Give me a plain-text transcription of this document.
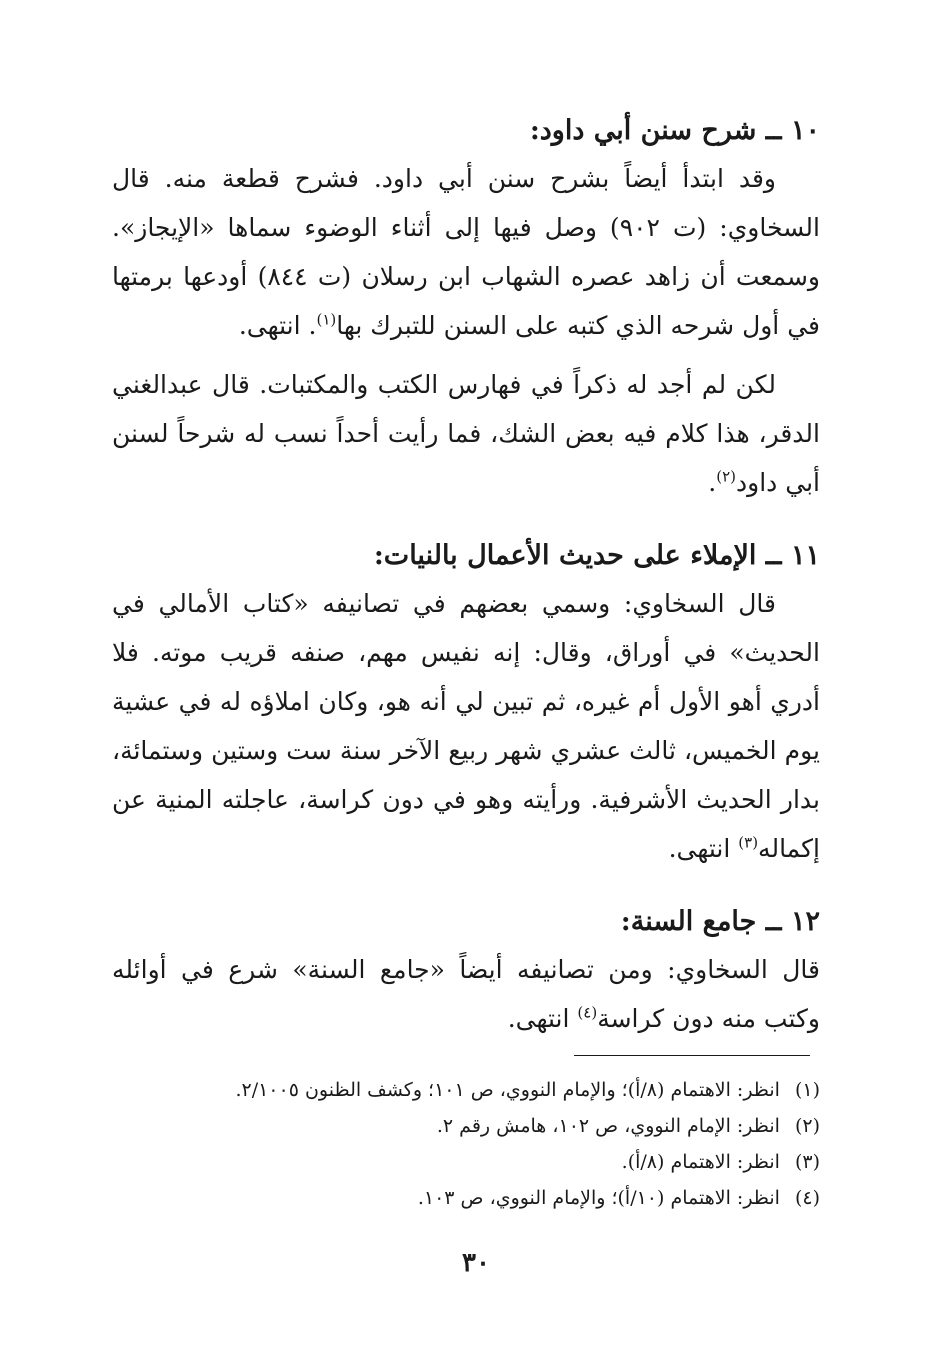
١٠ ــ شرح سنن أبي داود:

وقد ابتدأ أيضاً بشرح سنن أبي داود. فشرح قطعة منه. قال السخاوي: (ت ٩٠٢) وصل فيها إلى أثناء الوضوء سماها «الإيجاز». وسمعت أن زاهد عصره الشهاب ابن رسلان (ت ٨٤٤) أودعها برمتها في أول شرحه الذي كتبه على السنن للتبرك بها$^{(١)}$. انتهى.

لكن لم أجد له ذكراً في فهارس الكتب والمكتبات. قال عبدالغني الدقر، هذا كلام فيه بعض الشك، فما رأيت أحداً نسب له شرحاً لسنن أبي داود$^{(٢)}$.

١١ ــ الإملاء على حديث الأعمال بالنيات:

قال السخاوي: وسمي بعضهم في تصانيفه «كتاب الأمالي في الحديث» في أوراق، وقال: إنه نفيس مهم، صنفه قريب موته. فلا أدري أهو الأول أم غيره، ثم تبين لي أنه هو، وكان املاؤه له في عشية يوم الخميس، ثالث عشري شهر ربيع الآخر سنة ست وستين وستمائة، بدار الحديث الأشرفية. ورأيته وهو في دون كراسة، عاجلته المنية عن إكماله$^{(٣)}$ انتهى.

١٢ ــ جامع السنة:

قال السخاوي: ومن تصانيفه أيضاً «جامع السنة» شرع في أوائله وكتب منه دون كراسة$^{(٤)}$ انتهى.

(١) انظر: الاهتمام (٨/أ)؛ والإمام النووي، ص ١٠١؛ وكشف الظنون ٢/١٠٠٥.
(٢) انظر: الإمام النووي، ص ١٠٢، هامش رقم ٢.
(٣) انظر: الاهتمام (٨/أ).
(٤) انظر: الاهتمام (١٠/أ)؛ والإمام النووي، ص ١٠٣.
٣٠
